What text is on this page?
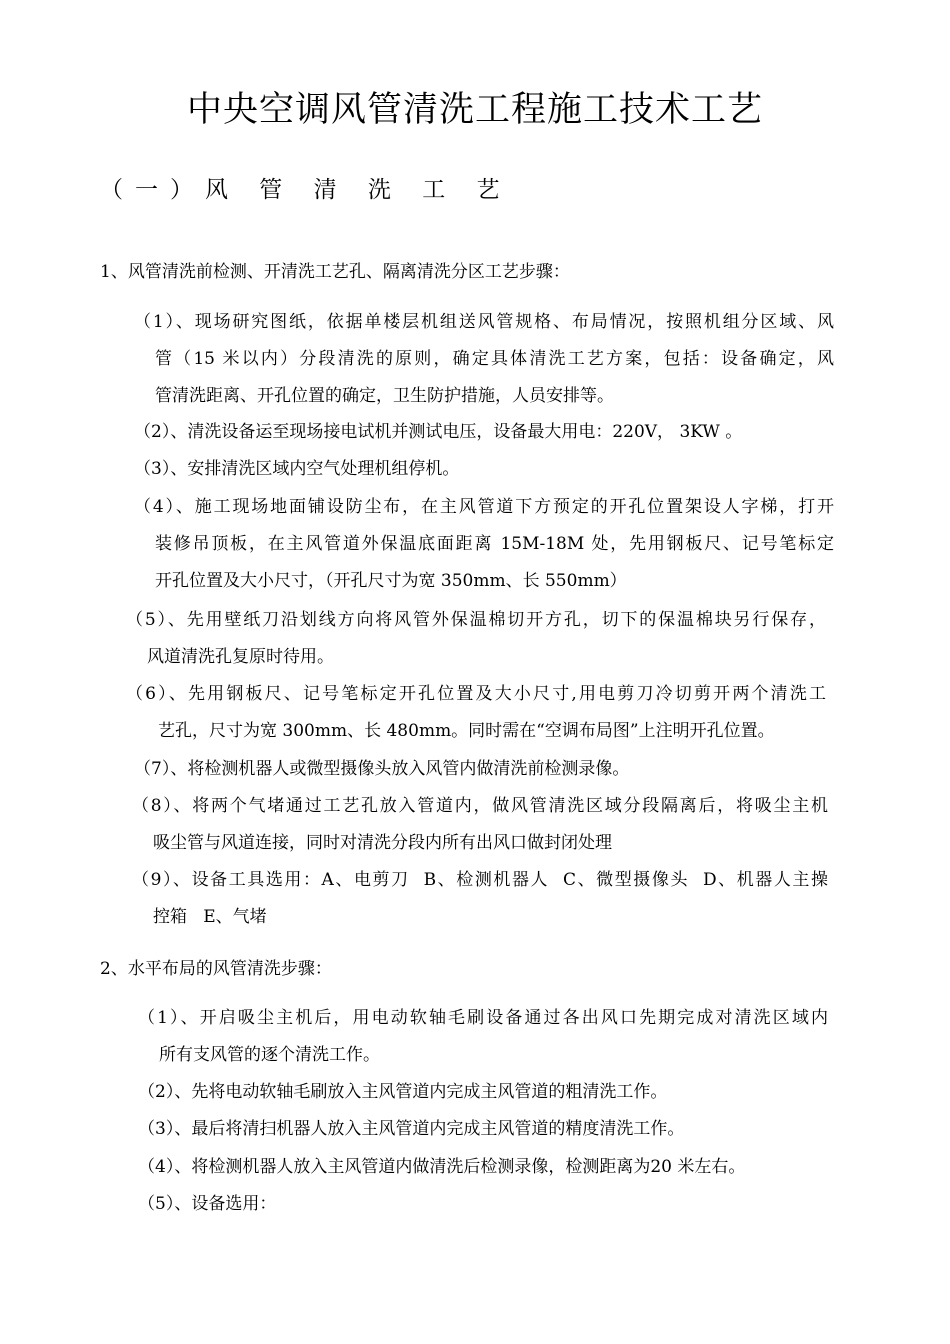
中央空调风管清洗工程施工技术工艺
（一）风 管 清 洗 工 艺

1、风管清洗前检测、开清洗工艺孔、隔离清洗分区工艺步骤：

（1）、现场研究图纸，依据单楼层机组送风管规格、布局情况，按照机组分区域、风
管（15 米以内）分段清洗的原则，确定具体清洗工艺方案，包括：设备确定，风
管清洗距离、开孔位置的确定，卫生防护措施，人员安排等。
（2）、清洗设备运至现场接电试机并测试电压，设备最大用电：220V， 3KW 。
（3）、安排清洗区域内空气处理机组停机。
（4）、施工现场地面铺设防尘布，在主风管道下方预定的开孔位置架设人字梯，打开
装修吊顶板，在主风管道外保温底面距离 15M-18M 处，先用钢板尺、记号笔标定
开孔位置及大小尺寸，（开孔尺寸为宽 350mm、长 550mm）
（5）、先用壁纸刀沿划线方向将风管外保温棉切开方孔，切下的保温棉块另行保存，
风道清洗孔复原时待用。
（6）、先用钢板尺、记号笔标定开孔位置及大小尺寸,用电剪刀冷切剪开两个清洗工
艺孔，尺寸为宽 300mm、长 480mm。同时需在“空调布局图”上注明开孔位置。
（7）、将检测机器人或微型摄像头放入风管内做清洗前检测录像。
（8）、将两个气堵通过工艺孔放入管道内，做风管清洗区域分段隔离后，将吸尘主机
吸尘管与风道连接，同时对清洗分段内所有出风口做封闭处理
（9）、设备工具选用：A、电剪刀  B、检测机器人  C、微型摄像头  D、机器人主操
控箱   E、气堵

2、水平布局的风管清洗步骤：

（1）、开启吸尘主机后，用电动软轴毛刷设备通过各出风口先期完成对清洗区域内
所有支风管的逐个清洗工作。
（2）、先将电动软轴毛刷放入主风管道内完成主风管道的粗清洗工作。
（3）、最后将清扫机器人放入主风管道内完成主风管道的精度清洗工作。
（4）、将检测机器人放入主风管道内做清洗后检测录像，检测距离为20 米左右。
（5）、设备选用：
